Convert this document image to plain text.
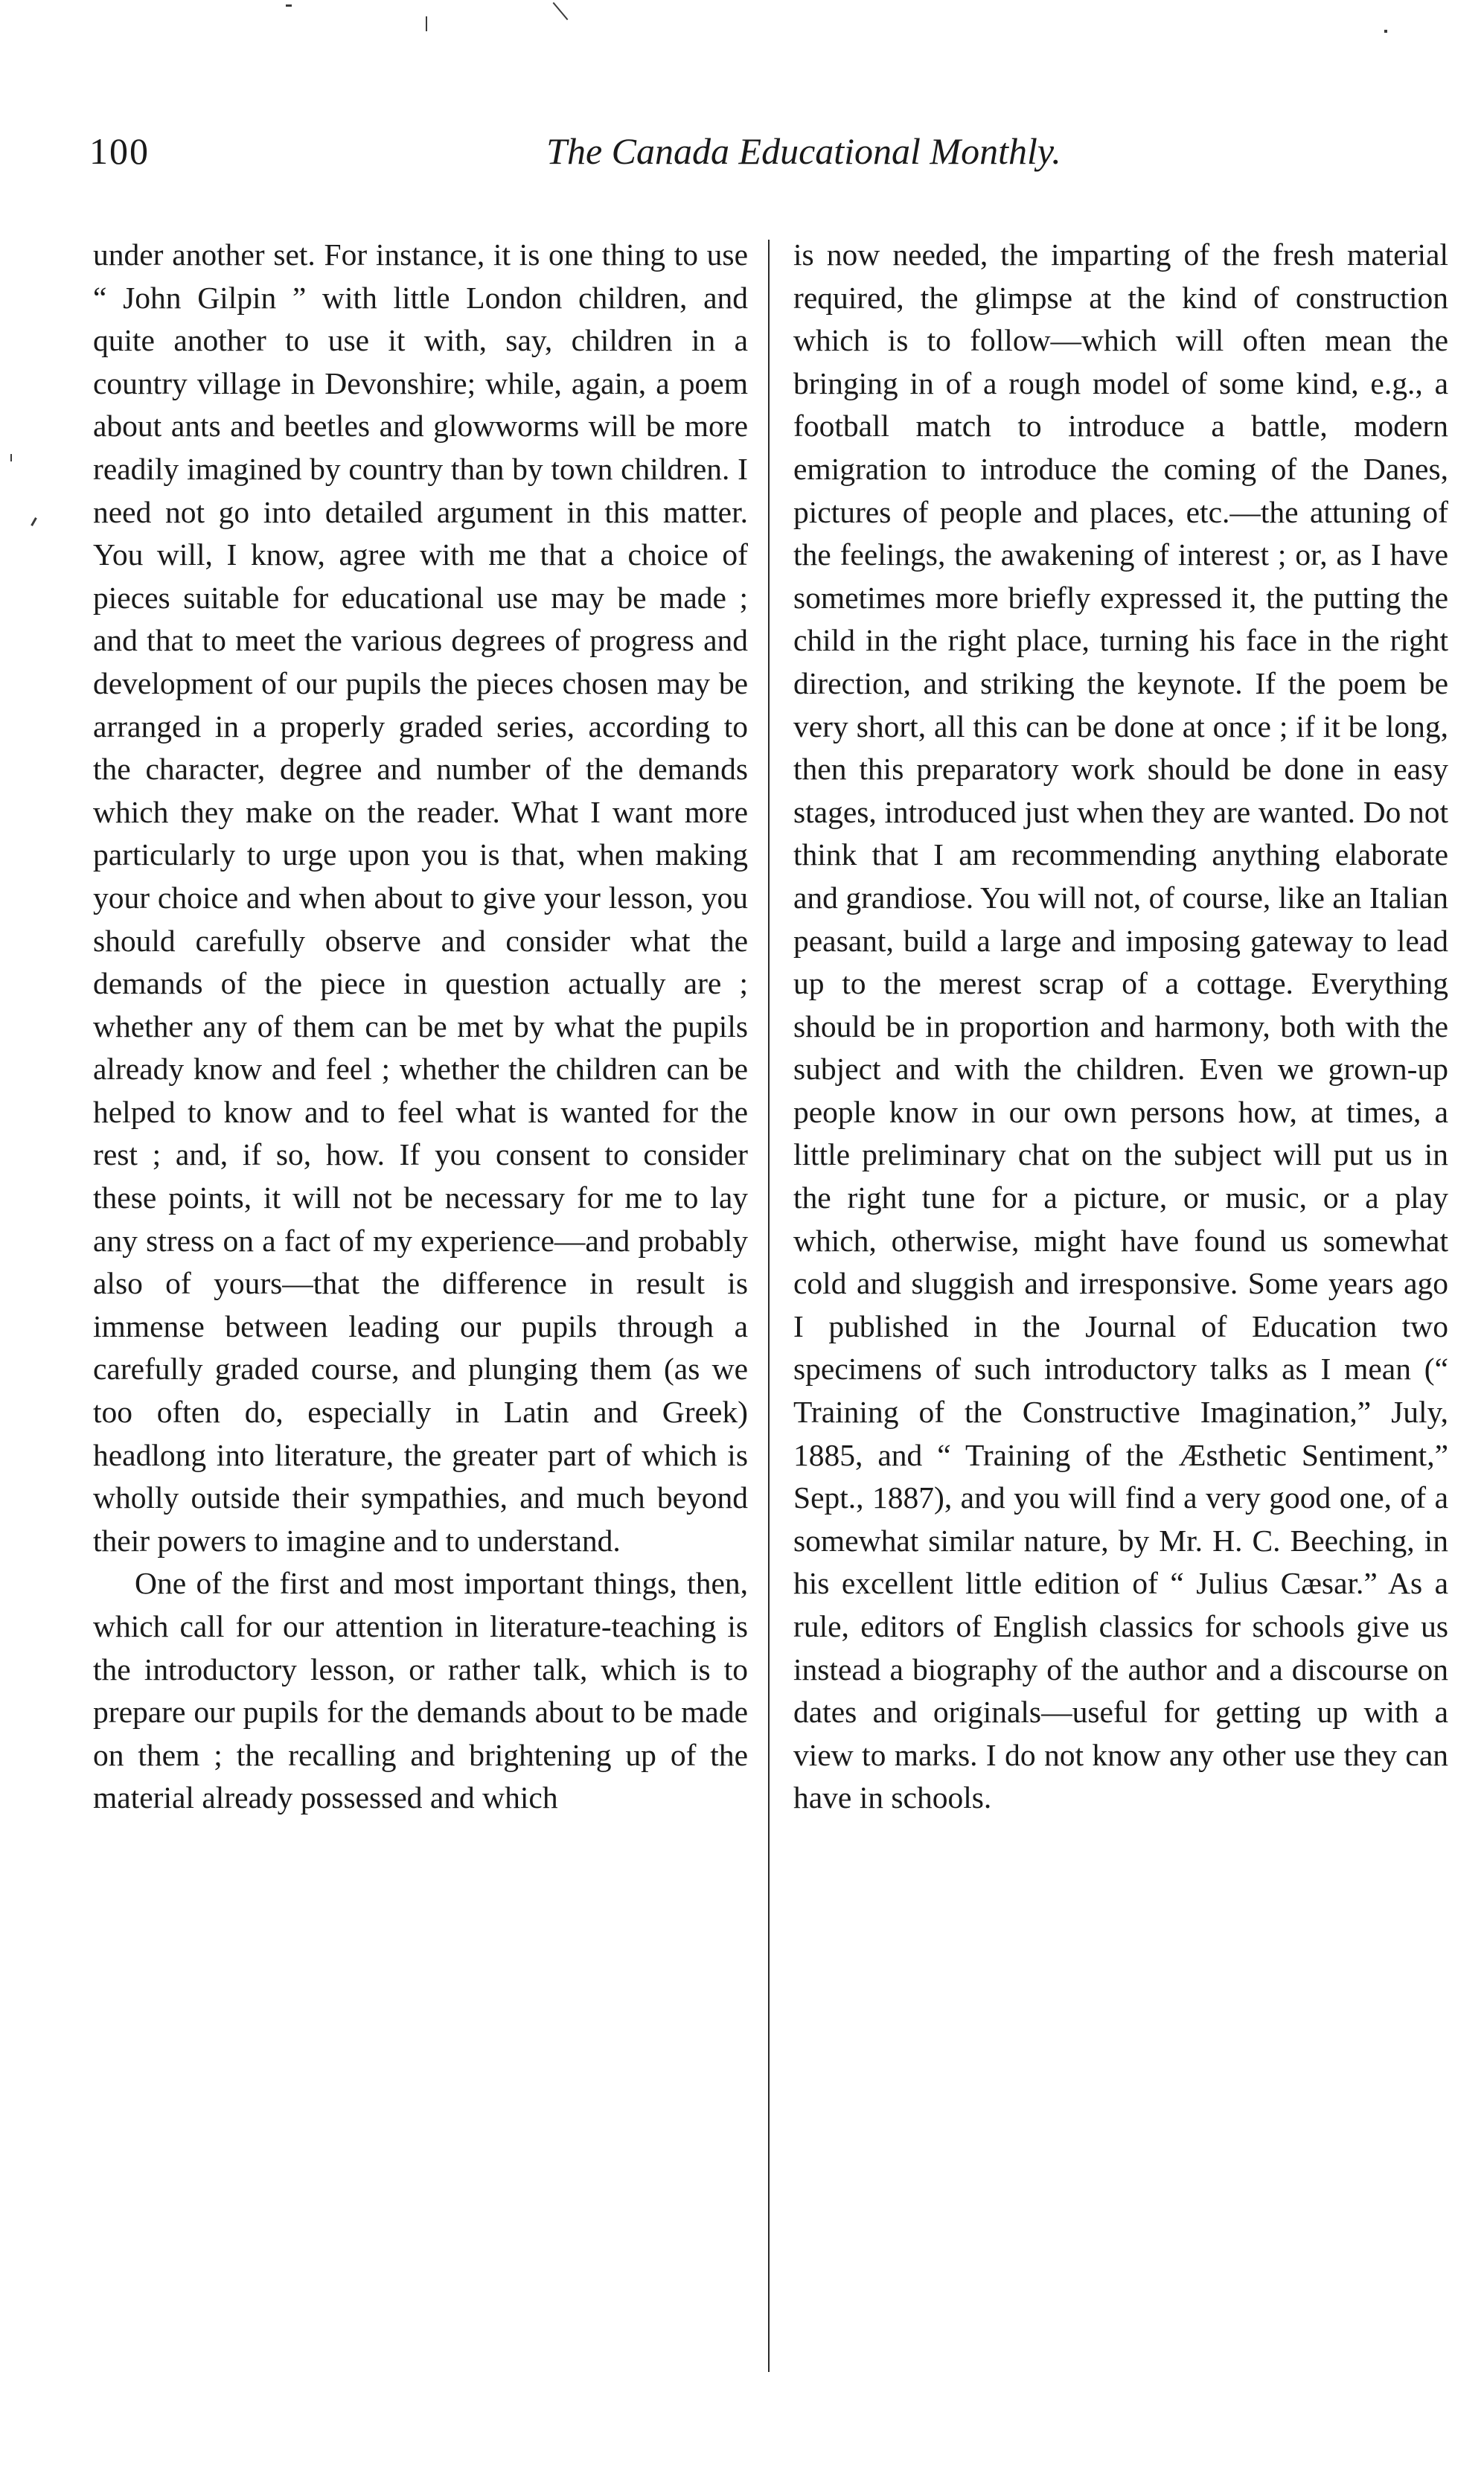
100	The Canada Educational Monthly.

under another set. For instance, it is one thing to use “ John Gilpin ” with little London children, and quite another to use it with, say, children in a country village in Devonshire; while, again, a poem about ants and beetles and glowworms will be more readily imagined by country than by town children. I need not go into detailed argument in this matter. You will, I know, agree with me that a choice of pieces suitable for educational use may be made ; and that to meet the various degrees of progress and development of our pupils the pieces chosen may be arranged in a properly graded series, according to the character, degree and number of the demands which they make on the reader. What I want more particularly to urge upon you is that, when making your choice and when about to give your lesson, you should carefully observe and consider what the demands of the piece in question actually are ; whether any of them can be met by what the pupils already know and feel ; whether the children can be helped to know and to feel what is wanted for the rest ; and, if so, how. If you consent to consider these points, it will not be necessary for me to lay any stress on a fact of my experience—and probably also of yours—that the difference in result is immense between leading our pupils through a carefully graded course, and plunging them (as we too often do, especially in Latin and Greek) headlong into literature, the greater part of which is wholly outside their sympathies, and much beyond their powers to imagine and to understand.

One of the first and most important things, then, which call for our attention in literature-teaching is the introductory lesson, or rather talk, which is to prepare our pupils for the demands about to be made on them ; the recalling and brightening up of the material already possessed and which

is now needed, the imparting of the fresh material required, the glimpse at the kind of construction which is to follow—which will often mean the bringing in of a rough model of some kind, e.g., a football match to introduce a battle, modern emigration to introduce the coming of the Danes, pictures of people and places, etc.—the attuning of the feelings, the awakening of interest ; or, as I have sometimes more briefly expressed it, the putting the child in the right place, turning his face in the right direction, and striking the keynote. If the poem be very short, all this can be done at once ; if it be long, then this preparatory work should be done in easy stages, introduced just when they are wanted. Do not think that I am recommending anything elaborate and grandiose. You will not, of course, like an Italian peasant, build a large and imposing gateway to lead up to the merest scrap of a cottage. Everything should be in proportion and harmony, both with the subject and with the children. Even we grown-up people know in our own persons how, at times, a little preliminary chat on the subject will put us in the right tune for a picture, or music, or a play which, otherwise, might have found us somewhat cold and sluggish and irresponsive. Some years ago I published in the Journal of Education two specimens of such introductory talks as I mean (“ Training of the Constructive Imagination,” July, 1885, and “ Training of the Æsthetic Sentiment,” Sept., 1887), and you will find a very good one, of a somewhat similar nature, by Mr. H. C. Beeching, in his excellent little edition of “ Julius Cæsar.” As a rule, editors of English classics for schools give us instead a biography of the author and a discourse on dates and originals—useful for getting up with a view to marks. I do not know any other use they can have in schools.
